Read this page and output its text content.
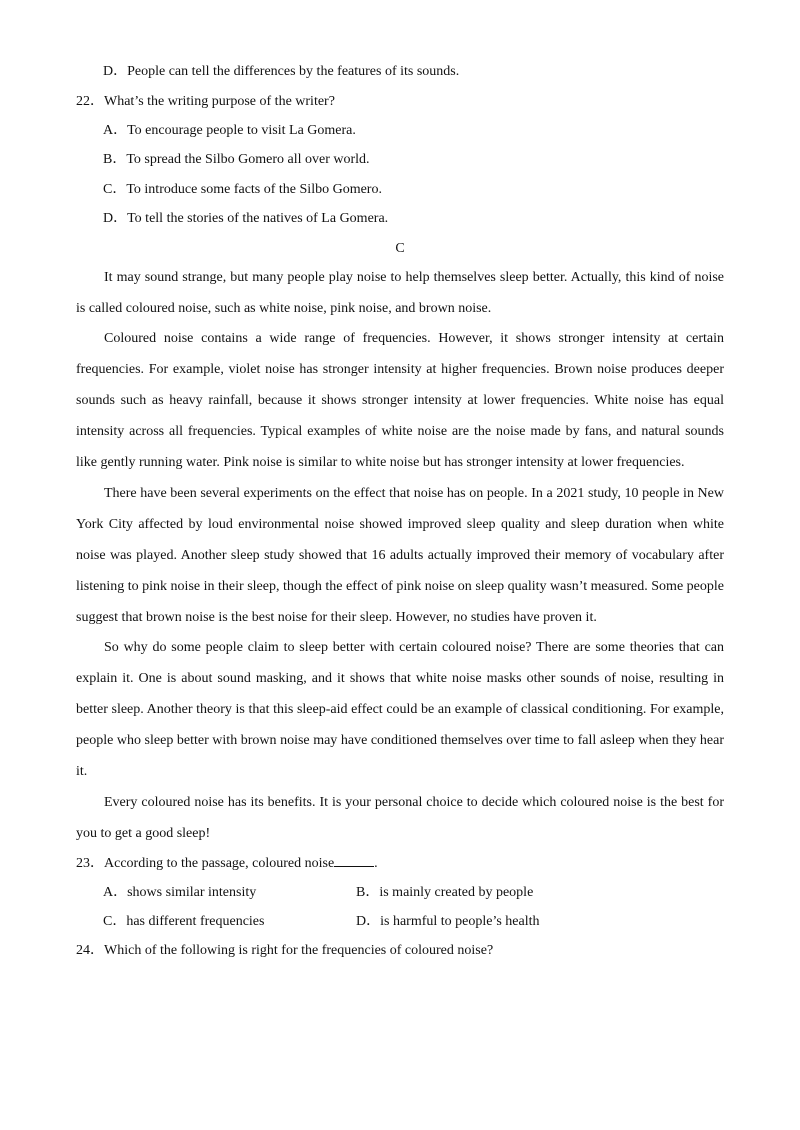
D．People can tell the differences by the features of its sounds.
22．What’s the writing purpose of the writer?
A．To encourage people to visit La Gomera.
B．To spread the Silbo Gomero all over world.
C．To introduce some facts of the Silbo Gomero.
D．To tell the stories of the natives of La Gomera.
C
It may sound strange, but many people play noise to help themselves sleep better. Actually, this kind of noise is called coloured noise, such as white noise, pink noise, and brown noise.
Coloured noise contains a wide range of frequencies. However, it shows stronger intensity at certain frequencies. For example, violet noise has stronger intensity at higher frequencies. Brown noise produces deeper sounds such as heavy rainfall, because it shows stronger intensity at lower frequencies. White noise has equal intensity across all frequencies. Typical examples of white noise are the noise made by fans, and natural sounds like gently running water. Pink noise is similar to white noise but has stronger intensity at lower frequencies.
There have been several experiments on the effect that noise has on people. In a 2021 study, 10 people in New York City affected by loud environmental noise showed improved sleep quality and sleep duration when white noise was played. Another sleep study showed that 16 adults actually improved their memory of vocabulary after listening to pink noise in their sleep, though the effect of pink noise on sleep quality wasn’t measured. Some people suggest that brown noise is the best noise for their sleep. However, no studies have proven it.
So why do some people claim to sleep better with certain coloured noise? There are some theories that can explain it. One is about sound masking, and it shows that white noise masks other sounds of noise, resulting in better sleep. Another theory is that this sleep-aid effect could be an example of classical conditioning. For example, people who sleep better with brown noise may have conditioned themselves over time to fall asleep when they hear it.
Every coloured noise has its benefits. It is your personal choice to decide which coloured noise is the best for you to get a good sleep!
23．According to the passage, coloured noise	.
A．shows similar intensity	B．is mainly created by people
C．has different frequencies	D．is harmful to people’s health
24．Which of the following is right for the frequencies of coloured noise?
